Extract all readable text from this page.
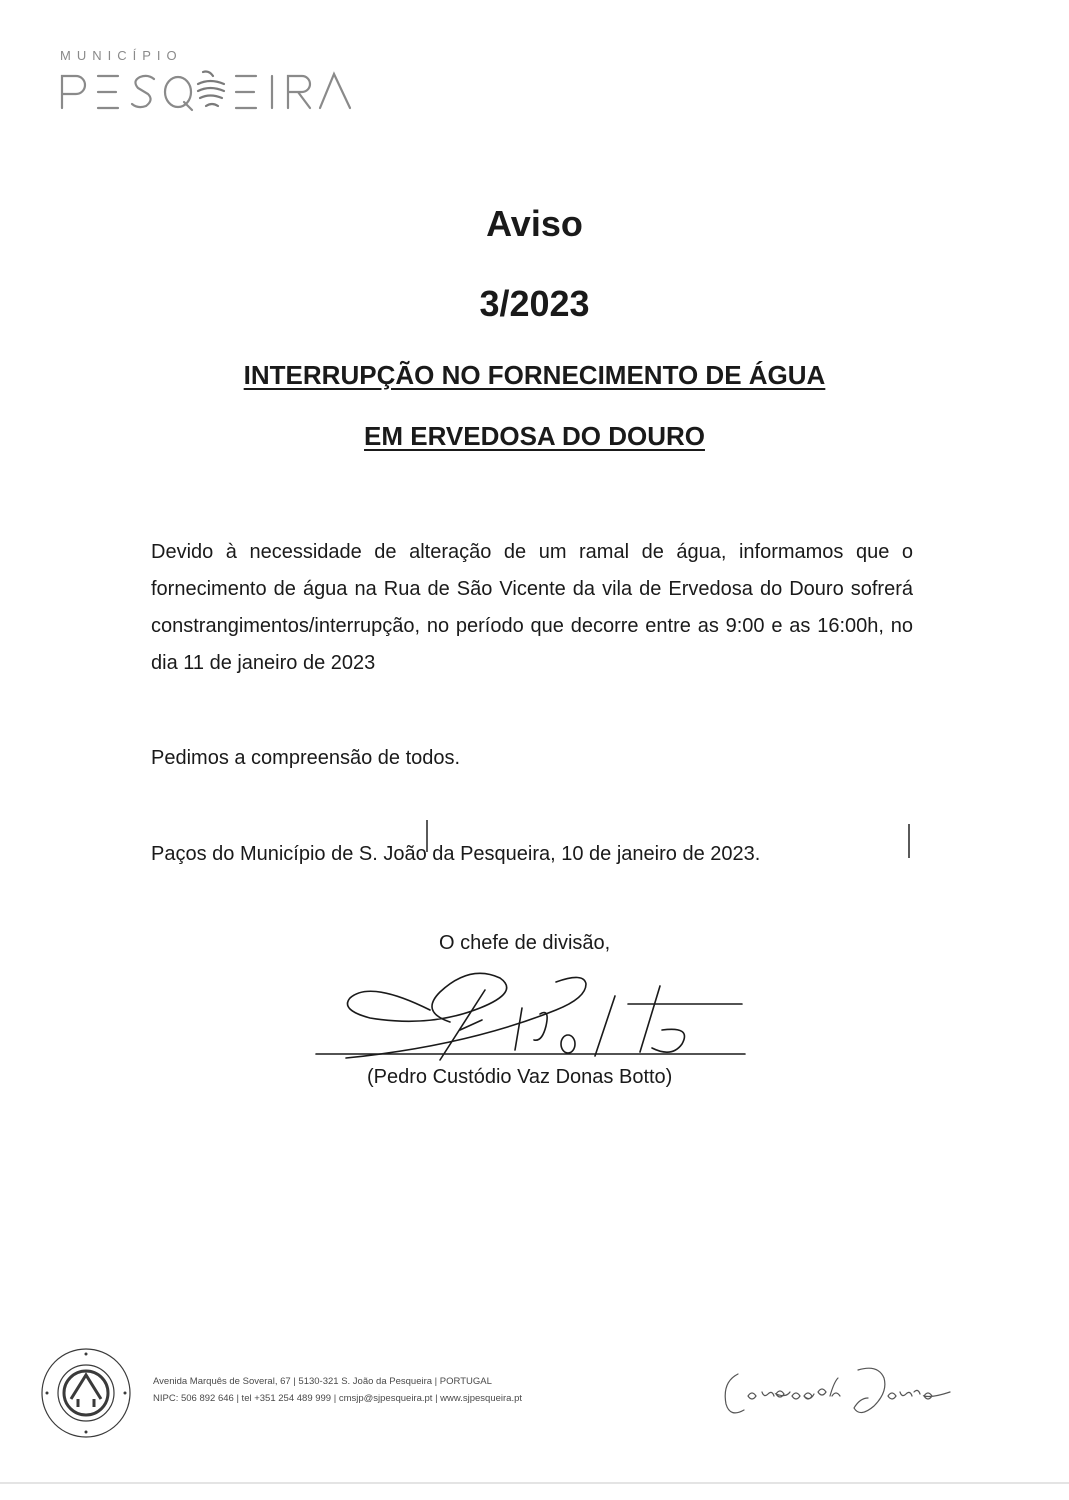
MUNICÍPIO
Aviso
3/2023
INTERRUPÇÃO NO FORNECIMENTO DE ÁGUA
EM ERVEDOSA DO DOURO
Devido à necessidade de alteração de um ramal de água, informamos que o fornecimento de água na Rua de São Vicente da vila de Ervedosa do Douro sofrerá constrangimentos/interrupção, no período que decorre entre as 9:00 e as 16:00h, no dia 11 de janeiro de 2023
Pedimos a compreensão de todos.
Paços do Município de S. João da Pesqueira, 10 de janeiro de 2023.
O chefe de divisão,
(Pedro Custódio Vaz Donas Botto)
Avenida Marquês de Soveral, 67 | 5130-321 S. João da Pesqueira | PORTUGAL
NIPC: 506 892 646 | tel +351 254 489 999 | cmsjp@sjpesqueira.pt | www.sjpesqueira.pt
